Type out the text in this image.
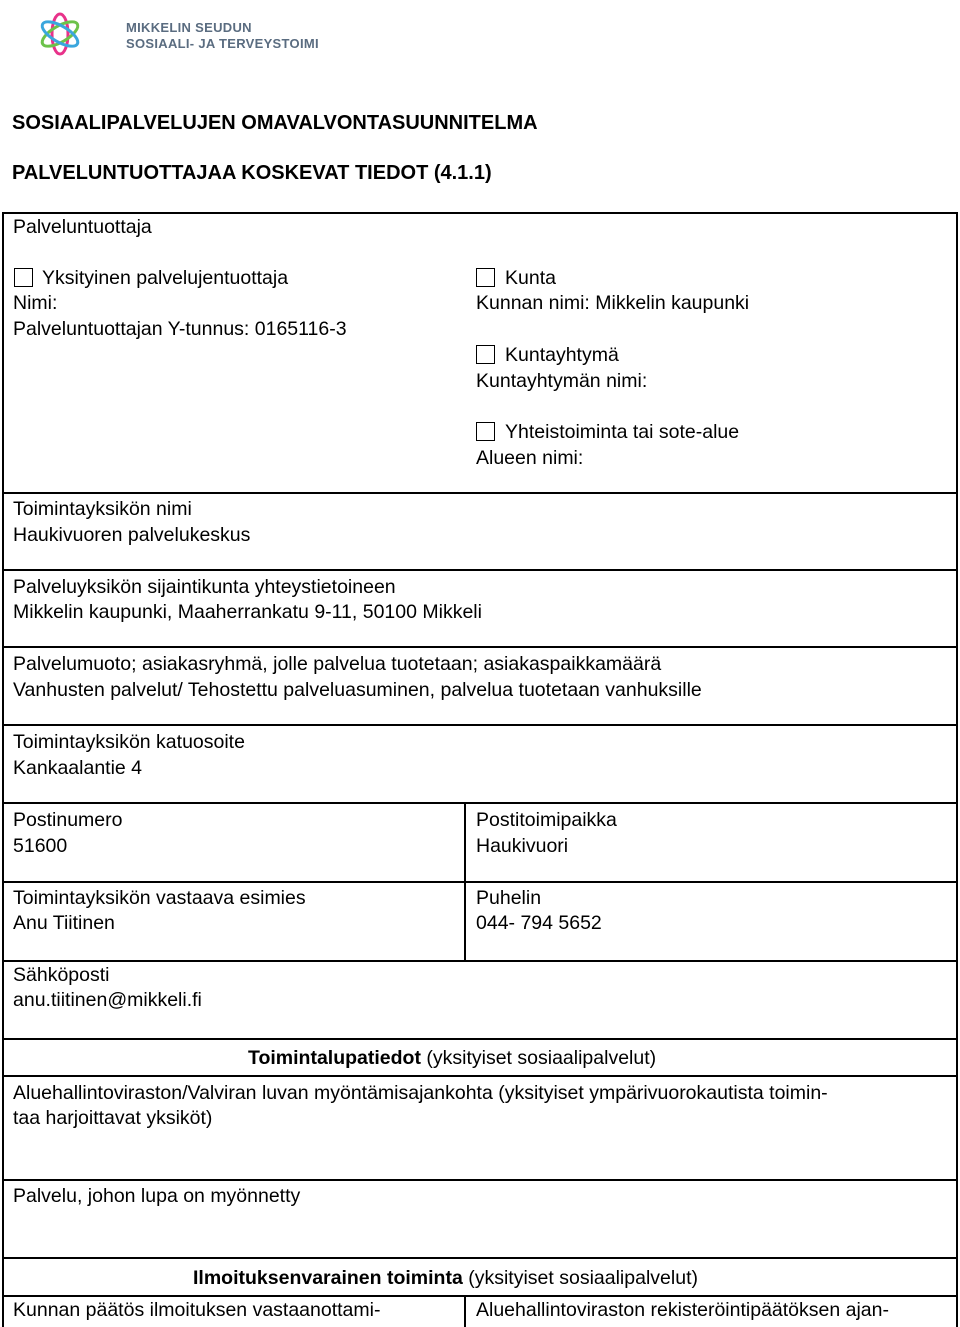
MIKKELIN SEUDUN
SOSIAALI- JA TERVEYSTOIMI
SOSIAALIPALVELUJEN OMAVALVONTASUUNNITELMA
PALVELUNTUOTTAJAA KOSKEVAT TIEDOT (4.1.1)
Palveluntuottaja
Yksityinen palvelujentuottaja
Nimi:
Palveluntuottajan Y-tunnus: 0165116-3
Kunta
Kunnan nimi: Mikkelin kaupunki
Kuntayhtymä
Kuntayhtymän nimi:
Yhteistoiminta tai sote-alue
Alueen nimi:
Toimintayksikön nimi
Haukivuoren palvelukeskus
Palveluyksikön sijaintikunta yhteystietoineen
Mikkelin kaupunki, Maaherrankatu 9-11, 50100 Mikkeli
Palvelumuoto; asiakasryhmä, jolle palvelua tuotetaan; asiakaspaikkamäärä
Vanhusten palvelut/ Tehostettu palveluasuminen, palvelua tuotetaan vanhuksille
Toimintayksikön katuosoite
Kankaalantie 4
Postinumero
51600
Postitoimipaikka
Haukivuori
Toimintayksikön vastaava esimies
Anu Tiitinen
Puhelin
044- 794 5652
Sähköposti
anu.tiitinen@mikkeli.fi
Toimintalupatiedot (yksityiset sosiaalipalvelut)
Aluehallintoviraston/Valviran luvan myöntämisajankohta (yksityiset ympärivuorokautista toimin-
taa harjoittavat yksiköt)
Palvelu, johon lupa on myönnetty
Ilmoituksenvarainen toiminta (yksityiset sosiaalipalvelut)
Kunnan päätös ilmoituksen vastaanottami-	Aluehallintoviraston rekisteröintipäätöksen ajan-
